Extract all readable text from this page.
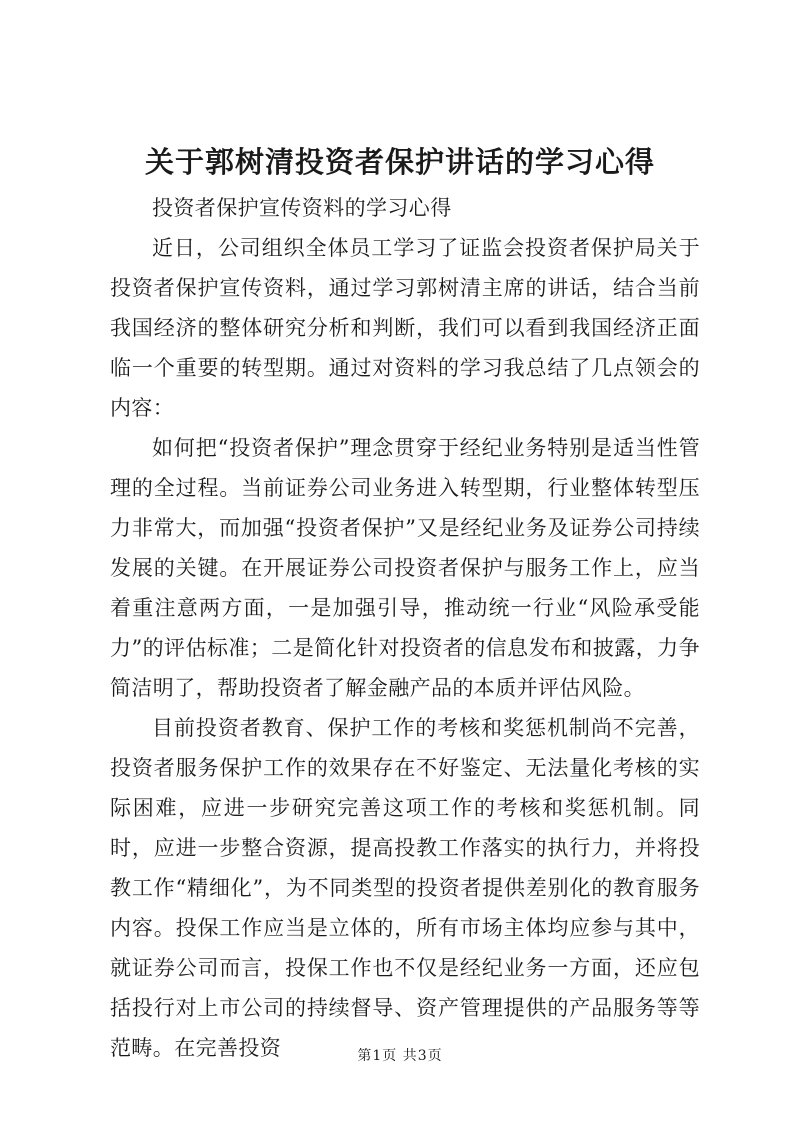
关于郭树清投资者保护讲话的学习心得

投资者保护宣传资料的学习心得

近日，公司组织全体员工学习了证监会投资者保护局关于投资者保护宣传资料，通过学习郭树清主席的讲话，结合当前我国经济的整体研究分析和判断，我们可以看到我国经济正面临一个重要的转型期。通过对资料的学习我总结了几点领会的内容：

如何把“投资者保护”理念贯穿于经纪业务特别是适当性管理的全过程。当前证券公司业务进入转型期，行业整体转型压力非常大，而加强“投资者保护”又是经纪业务及证券公司持续发展的关键。在开展证券公司投资者保护与服务工作上，应当着重注意两方面，一是加强引导，推动统一行业“风险承受能力”的评估标准；二是简化针对投资者的信息发布和披露，力争简洁明了，帮助投资者了解金融产品的本质并评估风险。

目前投资者教育、保护工作的考核和奖惩机制尚不完善，投资者服务保护工作的效果存在不好鉴定、无法量化考核的实际困难，应进一步研究完善这项工作的考核和奖惩机制。同时，应进一步整合资源，提高投教工作落实的执行力，并将投教工作“精细化”，为不同类型的投资者提供差别化的教育服务内容。投保工作应当是立体的，所有市场主体均应参与其中，就证券公司而言，投保工作也不仅是经纪业务一方面，还应包括投行对上市公司的持续督导、资产管理提供的产品服务等等范畴。在完善投资	第1页 共3页
